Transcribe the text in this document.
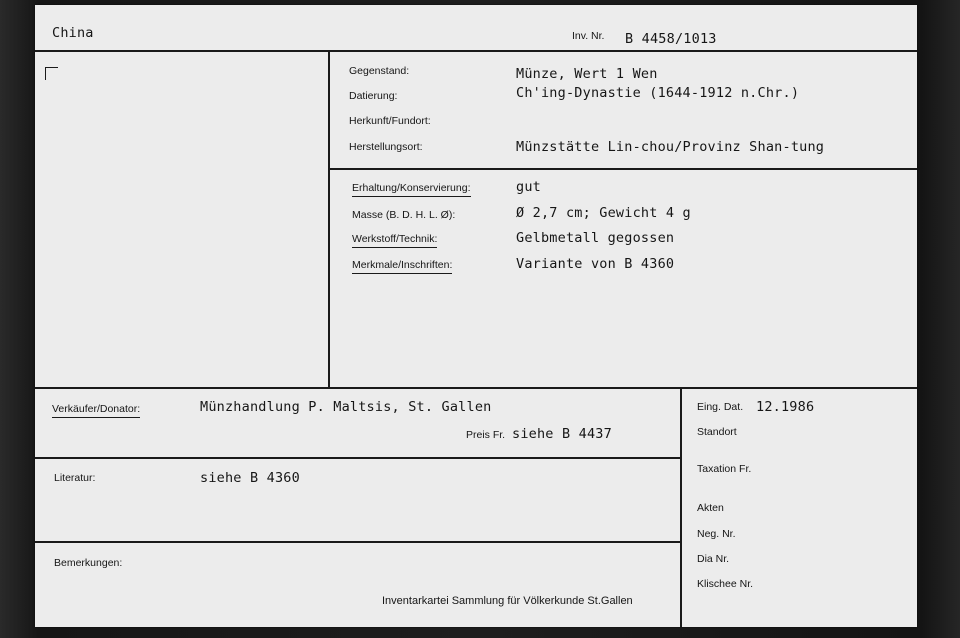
China	Inv. Nr. B 4458/1013
Gegenstand:	Münze, Wert 1 Wen
Datierung:	Ch'ing-Dynastie (1644-1912 n.Chr.)
Herkunft/Fundort:
Herstellungsort:	Münzstätte Lin-chou/Provinz Shan-tung
Erhaltung/Konservierung:	gut
Masse (B. D. H. L. Ø):	Ø 2,7 cm; Gewicht 4 g
Werkstoff/Technik:	Gelbmetall gegossen
Merkmale/Inschriften:	Variante von B 4360
Verkäufer/Donator:	Münzhandlung P. Maltsis, St. Gallen
Preis Fr. siehe B 4437
Literatur:	siehe B 4360
Bemerkungen:
Inventarkartei Sammlung für Völkerkunde St.Gallen
Eing. Dat. 12.1986
Standort
Taxation Fr.
Akten
Neg. Nr.
Dia Nr.
Klischee Nr.
